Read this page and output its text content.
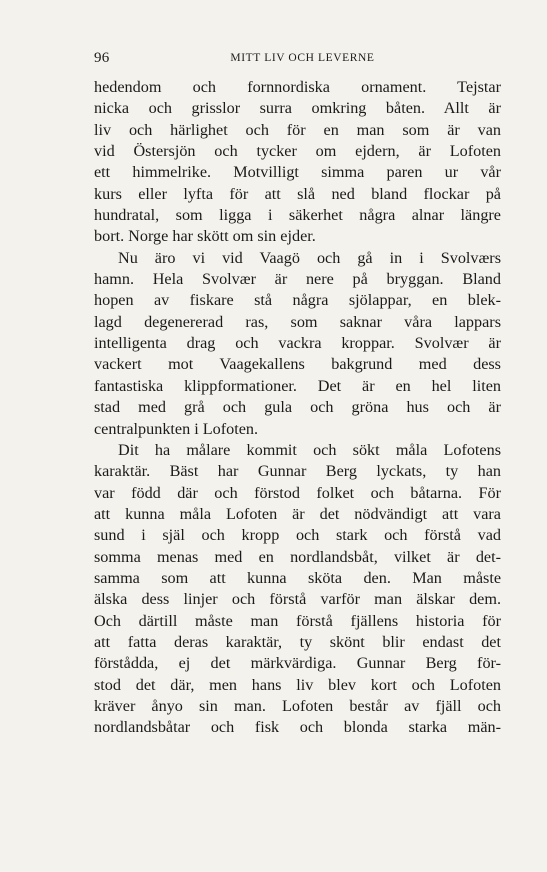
96	MITT LIV OCH LEVERNE
hedendom och fornnordiska ornament. Tejstar
nicka och grisslor surra omkring båten. Allt är
liv och härlighet och för en man som är van
vid Östersjön och tycker om ejdern, är Lofoten
ett himmelrike. Motvilligt simma paren ur vår
kurs eller lyfta för att slå ned bland flockar på
hundratal, som ligga i säkerhet några alnar längre
bort. Norge har skött om sin ejder.
Nu äro vi vid Vaagö och gå in i Svolværs
hamn. Hela Svolvær är nere på bryggan. Bland
hopen av fiskare stå några sjölappar, en blek-
lagd degenererad ras, som saknar våra lappars
intelligenta drag och vackra kroppar. Svolvær är
vackert mot Vaagekallens bakgrund med dess
fantastiska klippformationer. Det är en hel liten
stad med grå och gula och gröna hus och är
centralpunkten i Lofoten.
Dit ha målare kommit och sökt måla Lofotens
karaktär. Bäst har Gunnar Berg lyckats, ty han
var född där och förstod folket och båtarna. För
att kunna måla Lofoten är det nödvändigt att vara
sund i själ och kropp och stark och förstå vad
somma menas med en nordlandsbåt, vilket är det-
samma som att kunna sköta den. Man måste
älska dess linjer och förstå varför man älskar dem.
Och därtill måste man förstå fjällens historia för
att fatta deras karaktär, ty skönt blir endast det
förstådda, ej det märkvärdiga. Gunnar Berg för-
stod det där, men hans liv blev kort och Lofoten
kräver ånyo sin man. Lofoten består av fjäll och
nordlandsbåtar och fisk och blonda starka män-
